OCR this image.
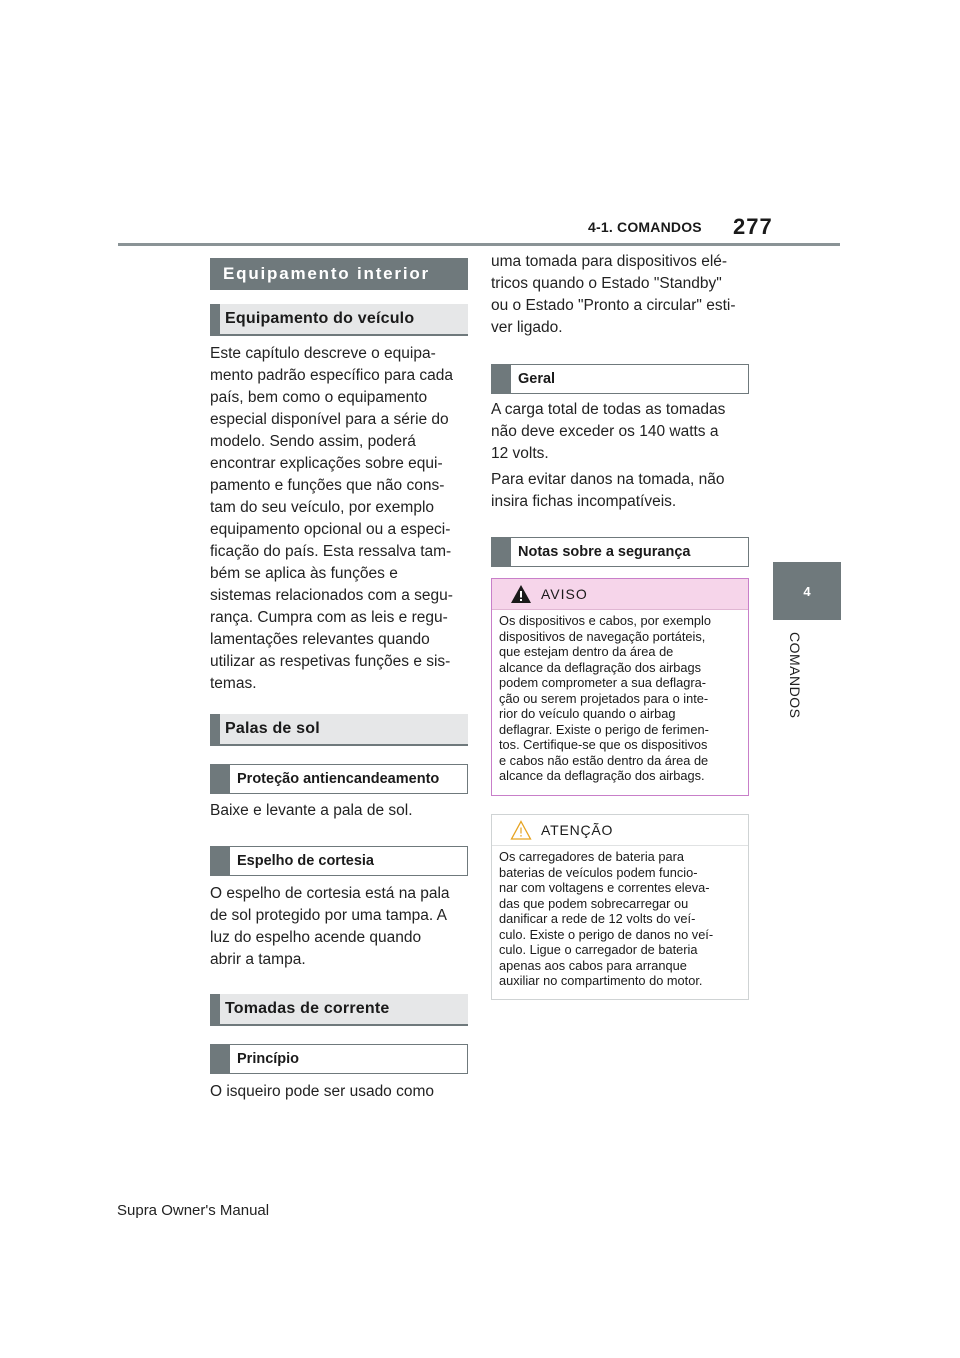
4-1. COMANDOS 277
4
COMANDOS
Equipamento interior
Equipamento do veículo
Este capítulo descreve o equipa-
mento padrão específico para cada
país, bem como o equipamento
especial disponível para a série do
modelo. Sendo assim, poderá
encontrar explicações sobre equi-
pamento e funções que não cons-
tam do seu veículo, por exemplo
equipamento opcional ou a especi-
ficação do país. Esta ressalva tam-
bém se aplica às funções e
sistemas relacionados com a segu-
rança. Cumpra com as leis e regu-
lamentações relevantes quando
utilizar as respetivas funções e sis-
temas.
Palas de sol
Proteção antiencandeamento
Baixe e levante a pala de sol.
Espelho de cortesia
O espelho de cortesia está na pala
de sol protegido por uma tampa. A
luz do espelho acende quando
abrir a tampa.
Tomadas de corrente
Princípio
O isqueiro pode ser usado como
uma tomada para dispositivos elé-
tricos quando o Estado "Standby"
ou o Estado "Pronto a circular" esti-
ver ligado.
Geral
A carga total de todas as tomadas
não deve exceder os 140 watts a
12 volts.
Para evitar danos na tomada, não
insira fichas incompatíveis.
Notas sobre a segurança
AVISO
Os dispositivos e cabos, por exemplo
dispositivos de navegação portáteis,
que estejam dentro da área de
alcance da deflagração dos airbags
podem comprometer a sua deflagra-
ção ou serem projetados para o inte-
rior do veículo quando o airbag
deflagrar. Existe o perigo de ferimen-
tos. Certifique-se que os dispositivos
e cabos não estão dentro da área de
alcance da deflagração dos airbags.
ATENÇÃO
Os carregadores de bateria para
baterias de veículos podem funcio-
nar com voltagens e correntes eleva-
das que podem sobrecarregar ou
danificar a rede de 12 volts do veí-
culo. Existe o perigo de danos no veí-
culo. Ligue o carregador de bateria
apenas aos cabos para arranque
auxiliar no compartimento do motor.
Supra Owner's Manual
